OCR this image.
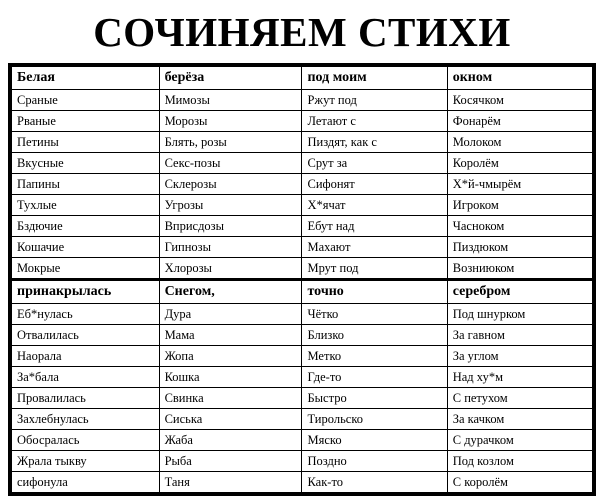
СОЧИНЯЕМ СТИХИ
Белая	берёза	под моим	окном
Сраные	Мимозы	Ржут под	Косячком
Рваные	Морозы	Летают с	Фонарём
Петины	Блять, розы	Пиздят, как с	Молоком
Вкусные	Секс-позы	Срут за	Королём
Папины	Склерозы	Сифонят	Х*й-чмырём
Тухлые	Угрозы	Х*ячат	Игроком
Бздючие	Вприсдозы	Ебут над	Часноком
Кошачие	Гипнозы	Махают	Пиздюком
Мокрые	Хлорозы	Мрут под	Возниюком
принакрылась	Снегом,	точно	серебром
Еб*нулась	Дура	Чётко	Под шнурком
Отвалилась	Мама	Близко	За гавном
Наорала	Жопа	Метко	За углом
За*бала	Кошка	Где-то	Над ху*м
Провалилась	Свинка	Быстро	С петухом
Захлебнулась	Сиська	Тирольско	За качком
Обосралась	Жаба	Мяско	С дурачком
Жрала тыкву	Рыба	Поздно	Под козлом
сифонула	Таня	Как-то	С королём
